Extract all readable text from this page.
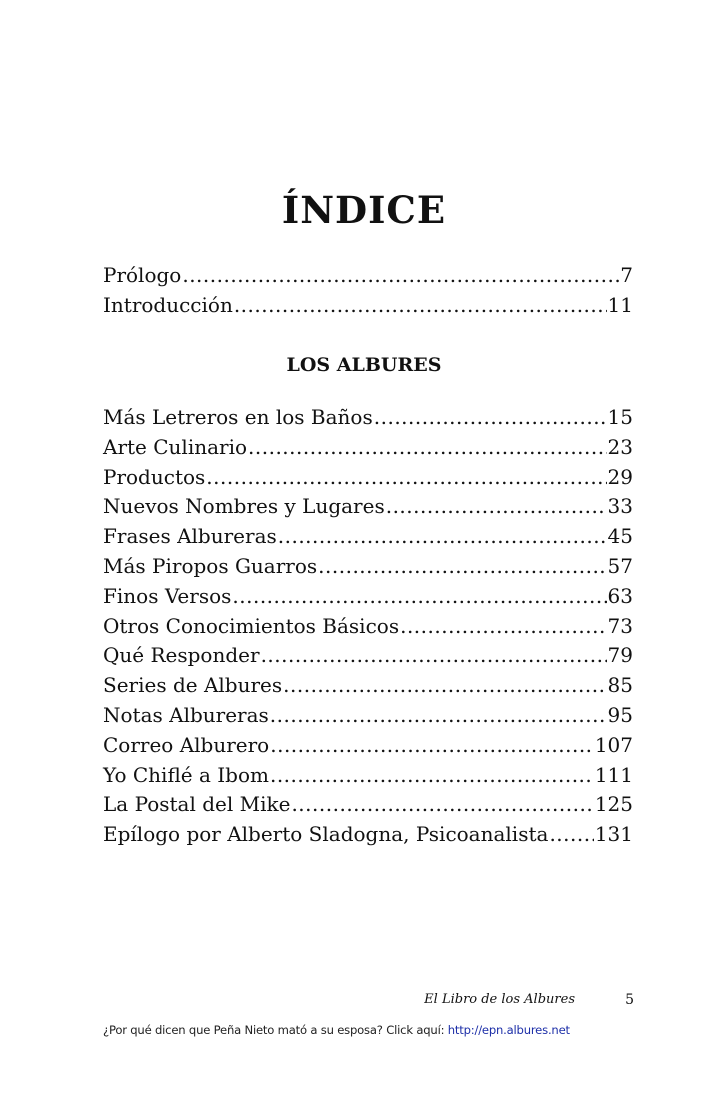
ÍNDICE
Prólogo .....	7
Introducción .....	11
LOS ALBURES
Más Letreros en los Baños .....	15
Arte Culinario .....	23
Productos .....	29
Nuevos Nombres y Lugares .....	33
Frases Albureras .....	45
Más Piropos Guarros .....	57
Finos Versos .....	63
Otros Conocimientos Básicos .....	73
Qué Responder .....	79
Series de Albures .....	85
Notas Albureras .....	95
Correo Alburero .....	107
Yo Chiflé a Ibom .....	111
La Postal del Mike .....	125
Epílogo por Alberto Sladogna, Psicoanalista ..... 131
El Libro de los Albures	5
¿Por qué dicen que Peña Nieto mató a su esposa? Click aquí: http://epn.albures.net
